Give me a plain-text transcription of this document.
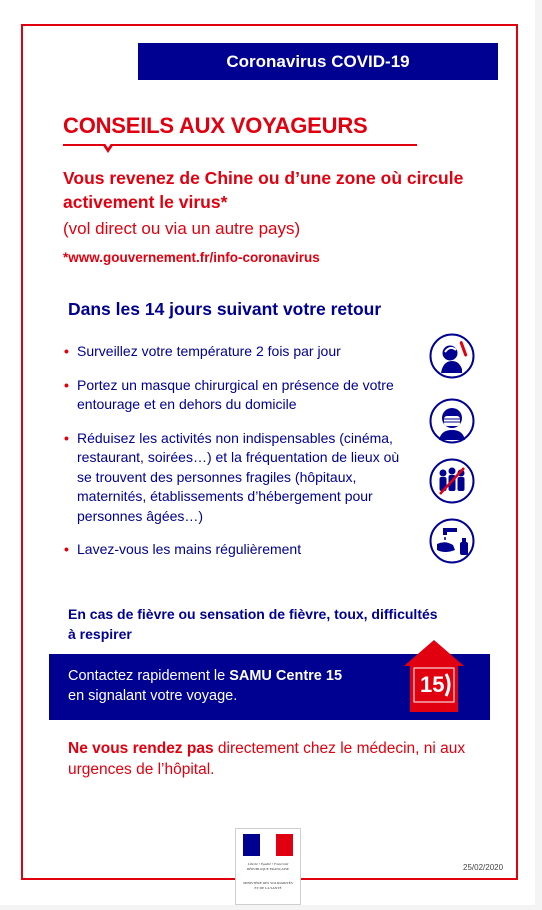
Coronavirus COVID-19
CONSEILS AUX VOYAGEURS
Vous revenez de Chine ou d’une zone où circule activement le virus*
(vol direct ou via un autre pays)
*www.gouvernement.fr/info-coronavirus
Dans les 14 jours suivant votre retour
• Surveillez votre température 2 fois par jour
• Portez un masque chirurgical en présence de votre entourage et en dehors du domicile
• Réduisez les activités non indispensables (cinéma, restaurant, soirées…) et la fréquentation de lieux où se trouvent des personnes fragiles (hôpitaux, maternités, établissements d’hébergement pour personnes âgées…)
• Lavez-vous les mains régulièrement
En cas de fièvre ou sensation de fièvre, toux, difficultés à respirer
Contactez rapidement le SAMU Centre 15
en signalant votre voyage.	15
Ne vous rendez pas directement chez le médecin, ni aux urgences de l’hôpital.
Liberté • Égalité • Fraternité
RÉPUBLIQUE FRANÇAISE
MINISTÈRE DES SOLIDARITÉS ET DE LA SANTÉ
25/02/2020
